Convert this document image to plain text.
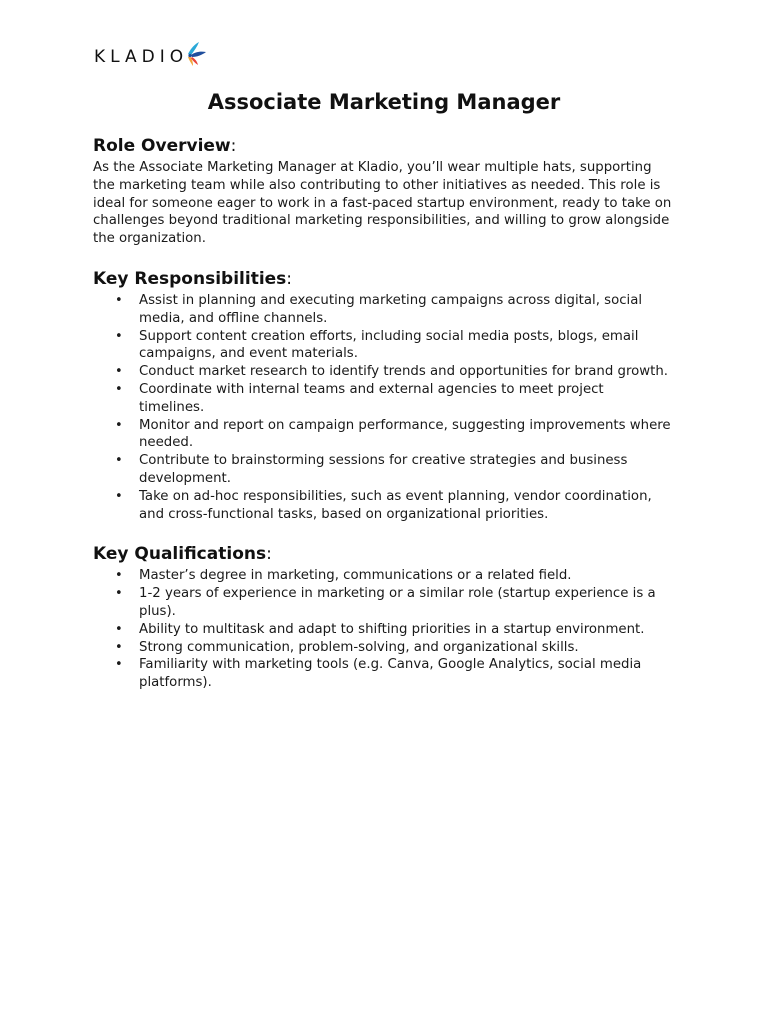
KLADIO
Associate Marketing Manager
Role Overview:

As the Associate Marketing Manager at Kladio, you’ll wear multiple hats, supporting the marketing team while also contributing to other initiatives as needed. This role is ideal for someone eager to work in a fast-paced startup environment, ready to take on challenges beyond traditional marketing responsibilities, and willing to grow alongside the organization.

Key Responsibilities:
• Assist in planning and executing marketing campaigns across digital, social media, and offline channels.
• Support content creation efforts, including social media posts, blogs, email campaigns, and event materials.
• Conduct market research to identify trends and opportunities for brand growth.
• Coordinate with internal teams and external agencies to meet project timelines.
• Monitor and report on campaign performance, suggesting improvements where needed.
• Contribute to brainstorming sessions for creative strategies and business development.
• Take on ad-hoc responsibilities, such as event planning, vendor coordination, and cross-functional tasks, based on organizational priorities.
Key Qualifications:
• Master’s degree in marketing, communications or a related field.
• 1-2 years of experience in marketing or a similar role (startup experience is a plus).
• Ability to multitask and adapt to shifting priorities in a startup environment.
• Strong communication, problem-solving, and organizational skills.
• Familiarity with marketing tools (e.g. Canva, Google Analytics, social media platforms).
